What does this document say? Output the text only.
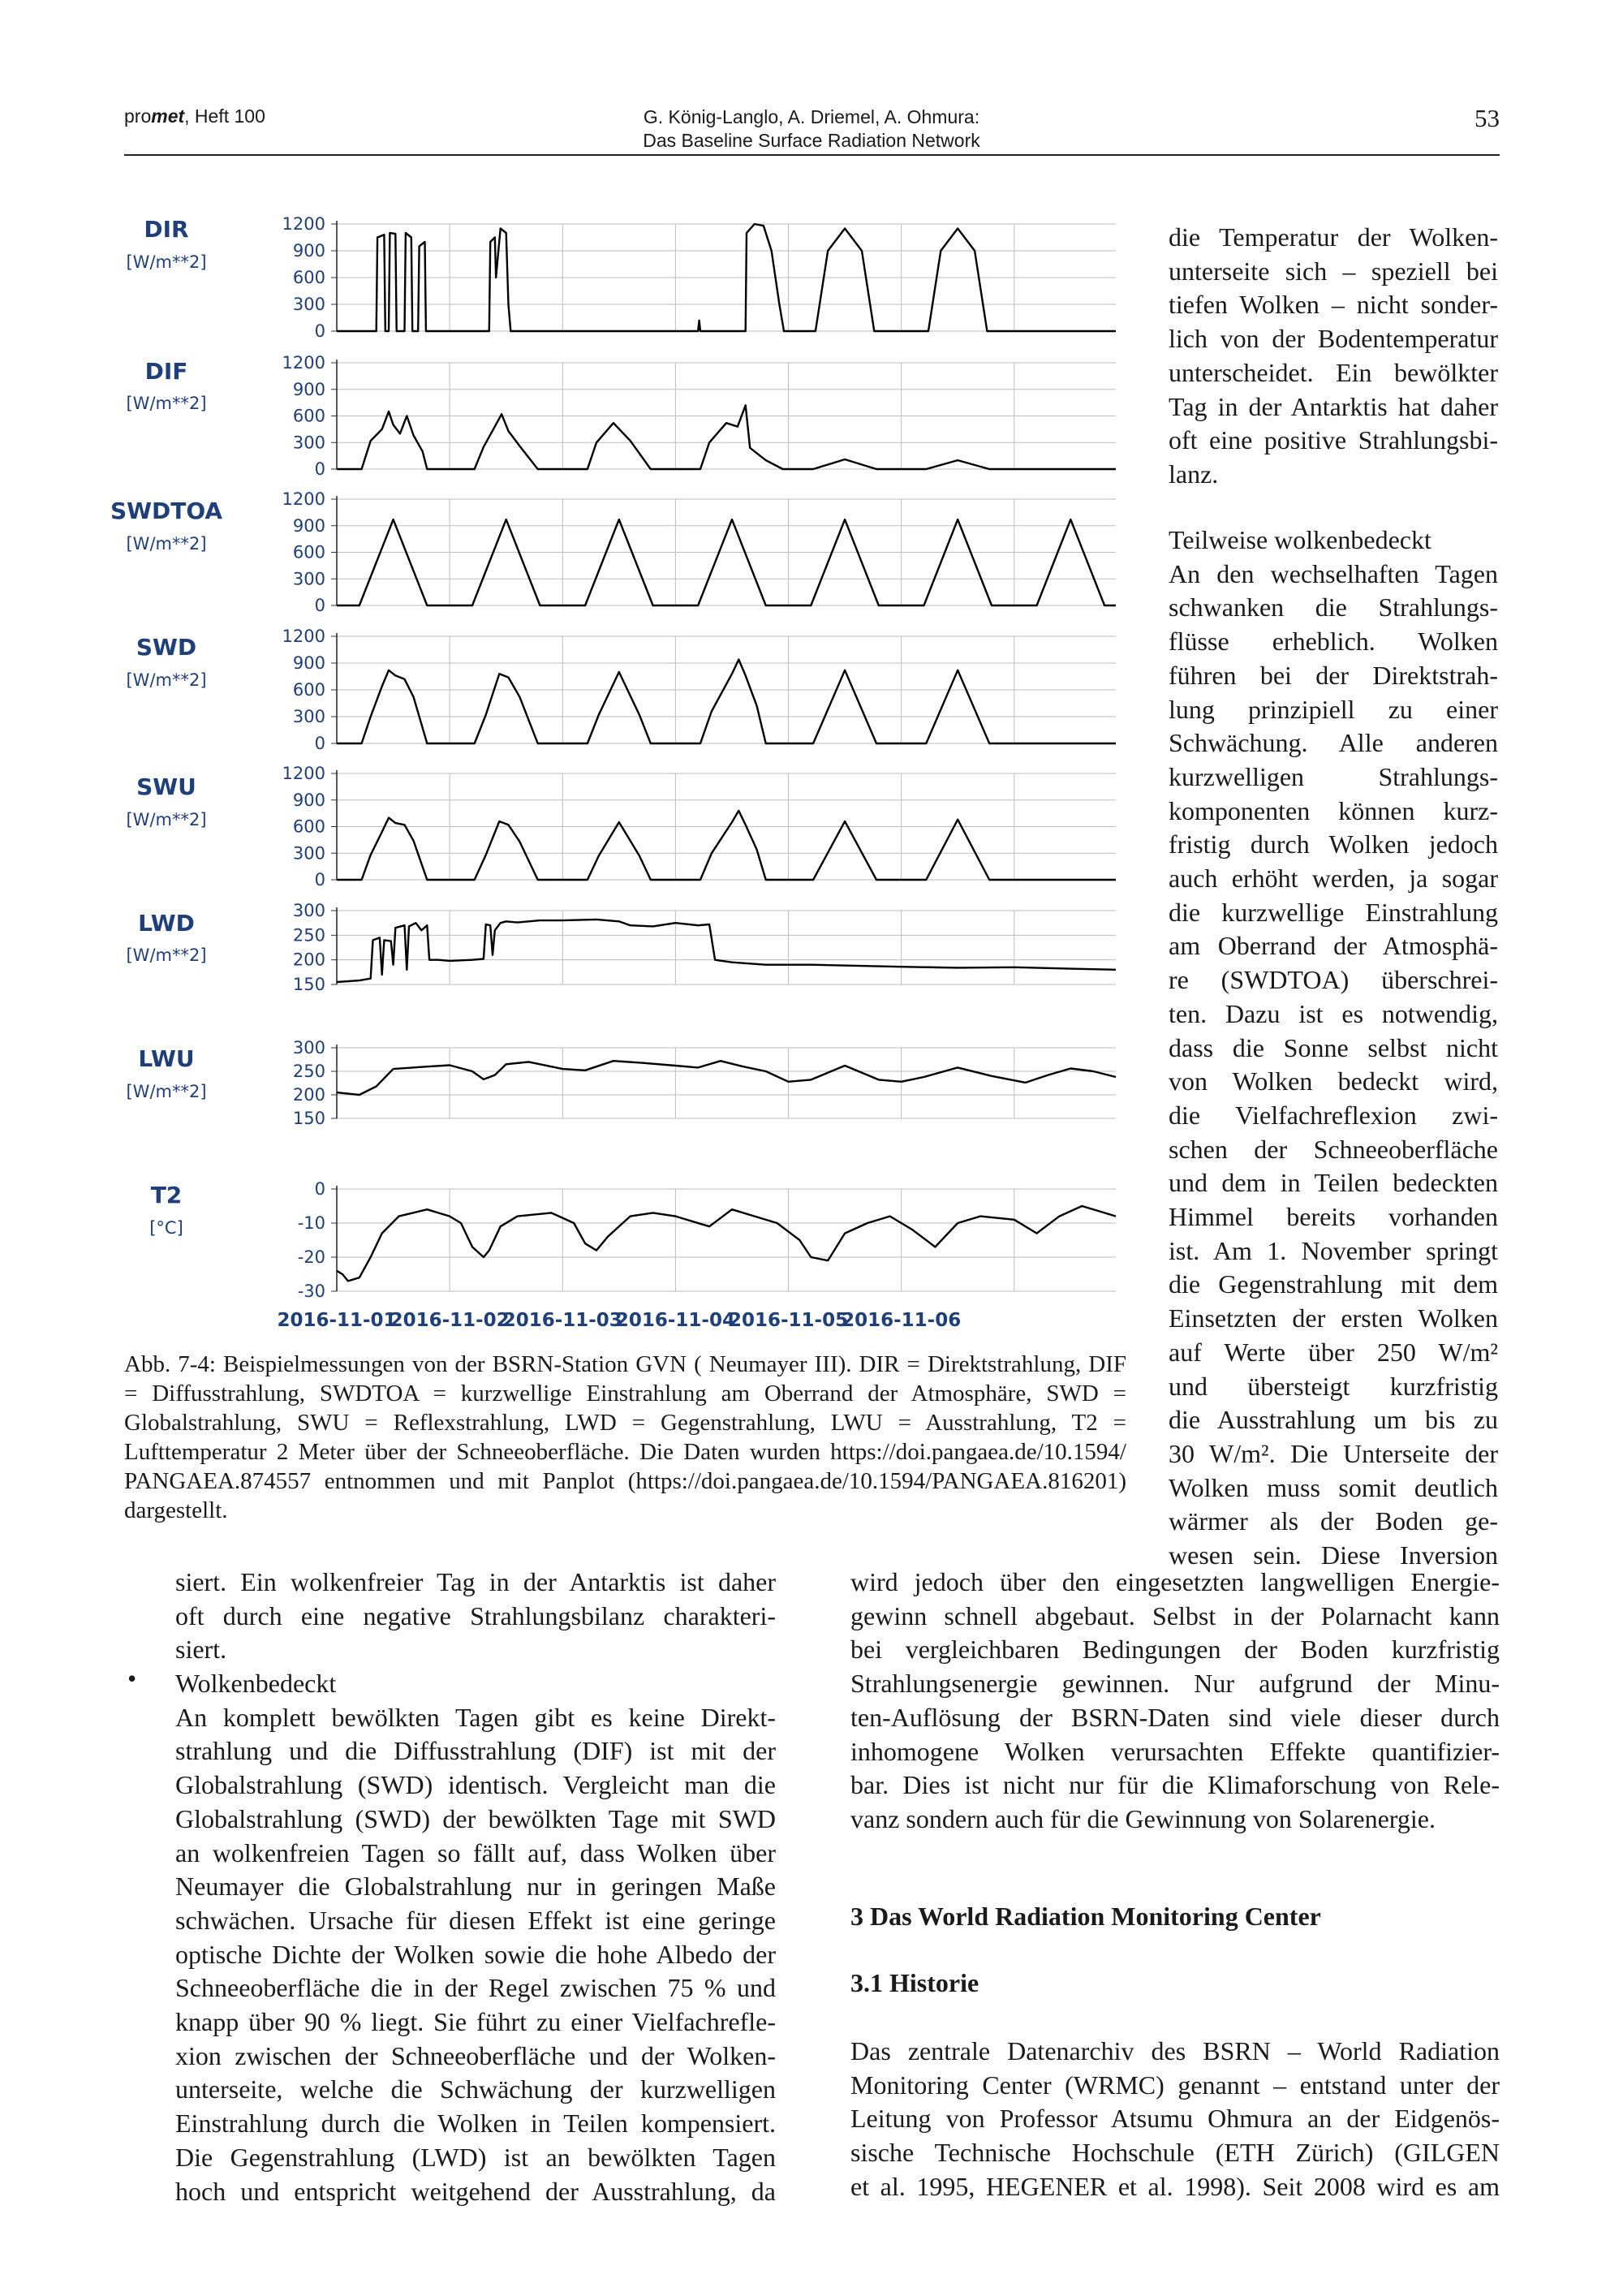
promet, Heft 100	G. König-Langlo, A. Driemel, A. Ohmura:
Das Baseline Surface Radiation Network
53
DIR
[W/m**2]
1200
900
600
300
0
DIF
[W/m**2]
1200
900
600
300
0
SWDTOA
[W/m**2]
1200
900
600
300
0
SWD
[W/m**2]
1200
900
600
300
0
SWU
[W/m**2]
1200
900
600
300
0
LWD
[W/m**2]
300
250
200
150
LWU
[W/m**2]
300
250
200
150
T2
[°C]
0
-10
-20
-30
2016-11-01
2016-11-02
2016-11-03
2016-11-04
2016-11-05
2016-11-06
Abb. 7-4: Beispielmessungen von der BSRN-Station GVN ( Neumayer III). DIR = Direktstrahlung, DIF = Diffusstrahlung, SWDTOA = kurzwellige Einstrahlung am Oberrand der Atmosphäre, SWD = Globalstrahlung, SWU = Reflexstrahlung, LWD = Gegenstrahlung, LWU = Ausstrahlung, T2 = Lufttemperatur 2 Meter über der Schneeoberfläche. Die Daten wurden https://doi.pangaea.de/10.1594/ PANGAEA.874557 entnommen und mit Panplot (https://doi.pangaea.de/10.1594/PANGAEA.816201) dargestellt.
die Temperatur der Wolken-
unterseite sich – speziell bei
tiefen Wolken – nicht sonder-
lich von der Bodentemperatur
unterscheidet. Ein bewölkter
Tag in der Antarktis hat daher
oft eine positive Strahlungsbi-
lanz.
Teilweise wolkenbedeckt
An den wechselhaften Tagen
schwanken die Strahlungs-
flüsse erheblich. Wolken
führen bei der Direktstrah-
lung prinzipiell zu einer
Schwächung. Alle anderen
kurzwelligen Strahlungs-
komponenten können kurz-
fristig durch Wolken jedoch
auch erhöht werden, ja sogar
die kurzwellige Einstrahlung
am Oberrand der Atmosphä-
re (SWDTOA) überschrei-
ten. Dazu ist es notwendig,
dass die Sonne selbst nicht
von Wolken bedeckt wird,
die Vielfachreflexion zwi-
schen der Schneeoberfläche
und dem in Teilen bedeckten
Himmel bereits vorhanden
ist. Am 1. November springt
die Gegenstrahlung mit dem
Einsetzten der ersten Wolken
auf Werte über 250 W/m²
und übersteigt kurzfristig
die Ausstrahlung um bis zu
30 W/m². Die Unterseite der
Wolken muss somit deutlich
wärmer als der Boden ge-
wesen sein. Diese Inversion
wird jedoch über den eingesetzten langwelligen Energie-
gewinn schnell abgebaut. Selbst in der Polarnacht kann
bei vergleichbaren Bedingungen der Boden kurzfristig
Strahlungsenergie gewinnen. Nur aufgrund der Minu-
ten-Auflösung der BSRN-Daten sind viele dieser durch
inhomogene Wolken verursachten Effekte quantifizier-
bar. Dies ist nicht nur für die Klimaforschung von Rele-
vanz sondern auch für die Gewinnung von Solarenergie.
3 Das World Radiation Monitoring Center
3.1 Historie
Das zentrale Datenarchiv des BSRN – World Radiation
Monitoring Center (WRMC) genannt – entstand unter der
Leitung von Professor Atsumu Ohmura an der Eidgenös-
sische Technische Hochschule (ETH Zürich) (GILGEN
et al. 1995, HEGENER et al. 1998). Seit 2008 wird es am
siert. Ein wolkenfreier Tag in der Antarktis ist daher
oft durch eine negative Strahlungsbilanz charakteri-
siert.
• Wolkenbedeckt
An komplett bewölkten Tagen gibt es keine Direkt-
strahlung und die Diffusstrahlung (DIF) ist mit der
Globalstrahlung (SWD) identisch. Vergleicht man die
Globalstrahlung (SWD) der bewölkten Tage mit SWD
an wolkenfreien Tagen so fällt auf, dass Wolken über
Neumayer die Globalstrahlung nur in geringen Maße
schwächen. Ursache für diesen Effekt ist eine geringe
optische Dichte der Wolken sowie die hohe Albedo der
Schneeoberfläche die in der Regel zwischen 75 % und
knapp über 90 % liegt. Sie führt zu einer Vielfachrefle-
xion zwischen der Schneeoberfläche und der Wolken-
unterseite, welche die Schwächung der kurzwelligen
Einstrahlung durch die Wolken in Teilen kompensiert.
Die Gegenstrahlung (LWD) ist an bewölkten Tagen
hoch und entspricht weitgehend der Ausstrahlung, da
